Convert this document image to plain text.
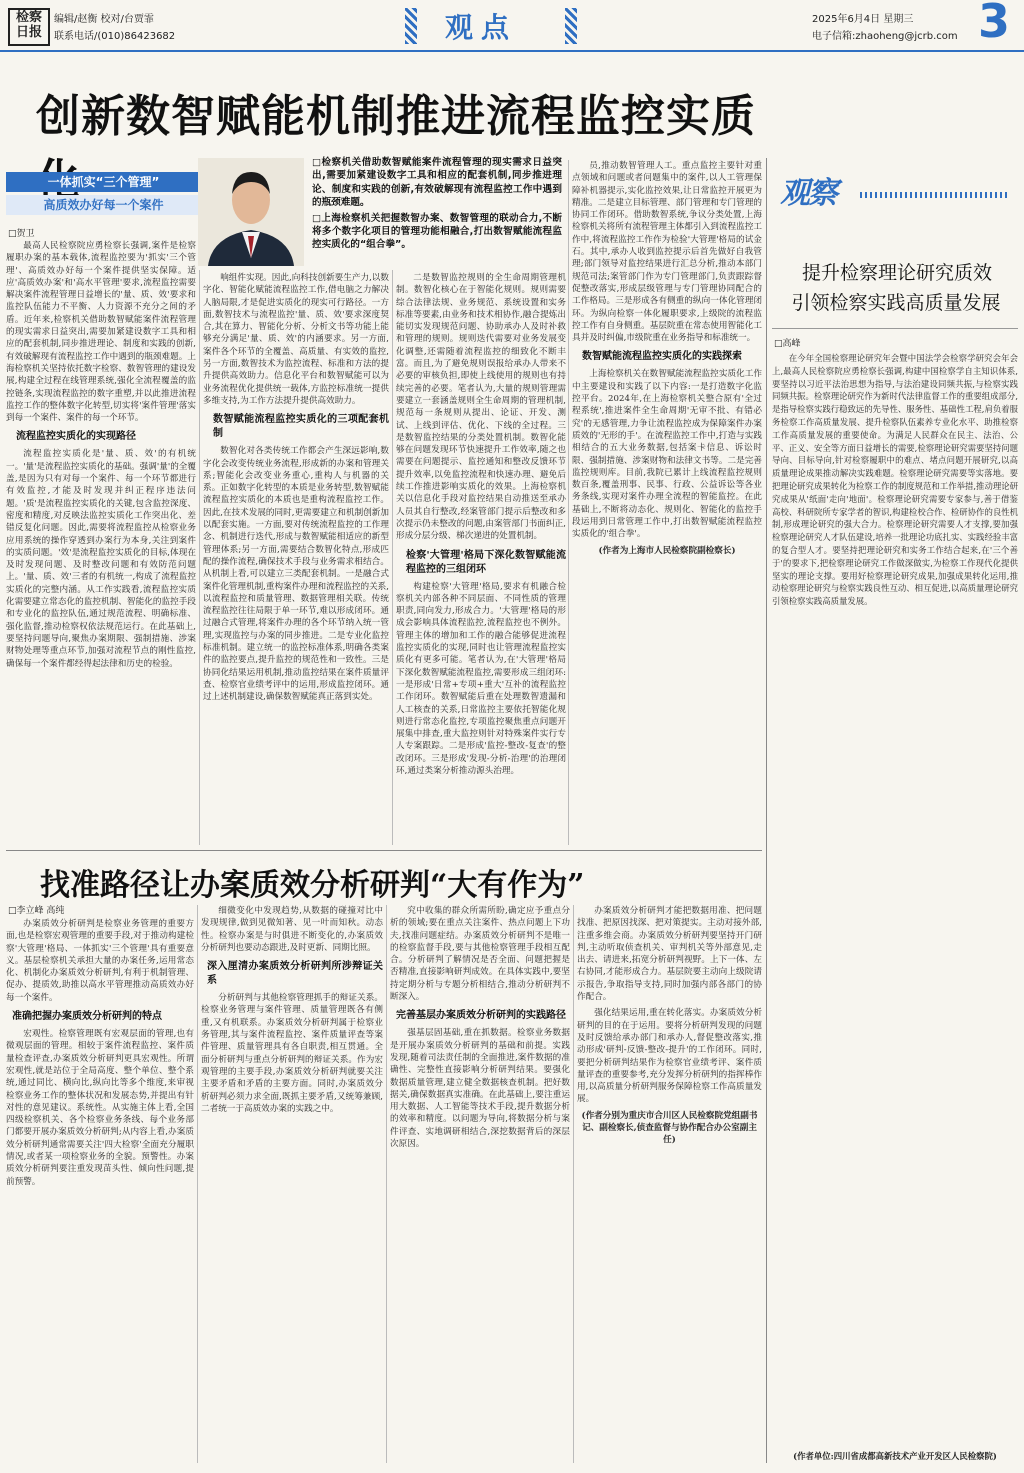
检察日报
编辑/赵衡 校对/台贾霏
联系电话/(010)86423682	观点	2025年6月4日 星期三
电子信箱:zhaoheng@jcrb.com 3
创新数智赋能机制推进流程监控实质
一体抓实“三个管理”
高质效办好每一个案件
□检察机关借助数智赋能案件流程管理的现实需求日益突出,需要加紧建设数字工具和相应的配套机制,同步推进理论、制度和实践的创新,有效破解现有流程监控工作中遇到的瓶颈难题。
□上海检察机关把握数智办案、数智管理的联动合力,不断将多个数字化项目的管理功能相融合,打出数智赋能流程监控实质化的“组合拳”。
□贺卫

最高人民检察院应勇检察长强调,案件是检察履职办案的基本载体,流程监控要为'抓实'三个管理'、高质效办好每一个案件提供坚实保障。适应'高质效办案'和'高水平管理'要求,流程监控需要解决案件流程管理日益增长的'量、质、效'要求和监控队伍能力不平衡、人力资源不充分之间的矛盾。近年来,检察机关借助数智赋能案件流程管理的现实需求日益突出,需要加紧建设数字工具和相应的配套机制,同步推进理论、制度和实践的创新,有效破解现有流程监控工作中遇到的瓶颈难题。上海检察机关坚持依托数字检察、数智管理的建设发展,构建全过程在线管理系统,强化全流程覆盖的监控链条,实现流程监控的数字重塑,并以此推进流程监控工作的整体数字化转型,切实将'案件管理'落实到每一个案件、案件的每一个环节。

流程监控实质化的实现路径

流程监控实质化是'量、质、效'的有机统一。'量'是流程监控实质化的基础。强调'量'的全覆盖,是因为只有对每一个案件、每一个环节都进行有效监控,才能及时发现并纠正程序违法问题。'质'是流程监控实质化的关键,包含监控深度、密度和精度,对反映法监控实质化工作突出化、差错反复化问题。因此,需要将流程监控从检察业务应用系统的操作穿透到办案行为本身,关注到案件的实质问题。'效'是流程监控实质化的目标,体现在及时发现问题、及时整改问题和有效防范问题上。'量、质、效'三者的有机统一,构成了流程监控实质化的完整内涵。从工作实践看,流程监控实质化需要建立常态化的监控机制、智能化的监控手段和专业化的监控队伍,通过规范流程、明确标准、强化监督,推动检察权依法规范运行。在此基础上,要坚持问题导向,聚焦办案期限、强制措施、涉案财物处理等重点环节,加强对流程节点的刚性监控,确保每一个案件都经得起法律和历史的检验。

响组件实现。因此,向科技创新要生产力,以数字化、智能化赋能流程监控工作,借电脑之力解决人脑局限,才是促进实质化的现实可行路径。一方面,数智技术与流程监控'量、质、效'要求深度契合,其在算力、智能化分析、分析文书等功能上能够充分满足'量、质、效'的内涵要求。另一方面,案件各个环节的全覆盖、高质量、有实效的监控,另一方面,数智技术为监控流程、标准和方法的提升提供高效助力。信息化平台和数智赋能可以为业务流程优化提供统一载体,方监控标准统一提供多维支持,为工作方法提升提供高效助力。

数智赋能流程监控实质化的三项配套机制

数智化对各类传统工作都会产生深远影响,数字化会改变传统业务流程,形成新的办案和管理关系;智能化会改变业务重心,重构人与机器的关系。正如数字化转型的本质是业务转型,数智赋能流程监控实质化的本质也是重构流程监控工作。因此,在技术发展的同时,更需要建立和机制创新加以配套实施。一方面,要对传统流程监控的工作理念、机制进行迭代,形成与数智赋能相适应的新型管理体系;另一方面,需要结合数智化特点,形成匹配的操作流程,确保技术手段与业务需求相结合。从机制上看,可以建立三类配套机制。一是融合式案件化管理机制,重构案件办理和流程监控的关系,以流程监控和质量管理、数据管理相关联。传统流程监控往往局限于单一环节,难以形成闭环。通过融合式管理,将案件办理的各个环节纳入统一管理,实现监控与办案的同步推进。二是专业化监控标准机制。建立统一的监控标准体系,明确各类案件的监控要点,提升监控的规范性和一致性。三是协同化结果运用机制,推动监控结果在案件质量评查、检察官业绩考评中的运用,形成监控闭环。通过上述机制建设,确保数智赋能真正落到实处。

二是数智监控规则的全生命周期管理机制。数智化核心在于智能化规则。规则需要综合法律法规、业务规范、系统设置和实务标准等要素,由业务和技术相协作,融合提炼出能切实发现规范问题、协助承办人及时补救和管理的规则。规则迭代需要对业务发展变化调整,还需随着流程监控的细致化不断丰富。而且,为了避免规则误报给承办人带来不必要的审核负担,即使上线使用的规则也有持续完善的必要。笔者认为,大量的规则管理需要建立一套涵盖规则全生命周期的管理机制,规范每一条规则从提出、论证、开发、测试、上线到评估、优化、下线的全过程。三是数智监控结果的分类处置机制。数智化能够在问题发现环节快速提升工作效率,随之也需要在问题提示、监控通知和整改反馈环节提升效率,以免监控流程和快速办理、避免后续工作推进影响实质化的效果。上海检察机关以信息化手段对监控结果自动推送至承办人员其自行整改,经案管部门提示后整改和多次提示仍未整改的问题,由案管部门书面纠正,形成分层分级、梯次递进的处置机制。

检察'大管理'格局下深化数智赋能流程监控的三组闭环

构建检察'大管理'格局,要求有机融合检察机关内部各种不同层面、不同性质的管理职责,同向发力,形成合力。'大管理'格局的形成会影响具体流程监控,流程监控也不例外。管理主体的增加和工作的融合能够促进流程监控实质化的实现,同时也让管理流程监控实质化有更多可能。笔者认为,在'大管理'格局下深化数智赋能流程监控,需要形成三组闭环:一是形成'日常+专项+重大'互补的流程监控工作闭环。数智赋能后重在处理数智遗漏和人工核查的关系,日常监控主要依托智能化规则进行常态化监控,专项监控聚焦重点问题开展集中排查,重大监控则针对特殊案件实行专人专案跟踪。二是形成'监控-整改-复查'的整改闭环。三是形成'发现-分析-治理'的治理闭环,通过类案分析推动源头治理。

员,推动数智管理人工。重点监控主要针对重点领域和问题或者问题集中的案件,以人工管理保障补机器提示,实化监控效果,让日常监控开展更为精准。二是建立目标管理、部门管理和专门管理的协同工作闭环。借助数智系统,争议分类处置,上海检察机关将所有流程管理主体都引入到流程监控工作中,将流程监控工作作为检验'大管理'格局的试金石。其中,承办人收到监控提示后首先做好自我管理;部门领导对监控结果进行汇总分析,推动本部门规范司法;案管部门作为专门管理部门,负责跟踪督促整改落实,形成层级管理与专门管理协同配合的工作格局。三是形成各有侧重的纵向一体化管理闭环。为纵向检察一体化履职要求,上级院的流程监控工作有自身侧重。基层院重在常态使用智能化工具并及时纠偏,市级院重在业务指导和标准统一。

数智赋能流程监控实质化的实践探索

上海检察机关在数智赋能流程监控实质化工作中主要建设和实践了以下内容:一是打造数字化监控平台。2024年,在上海检察机关整合原有'全过程系统',推进案件全生命周期'无审不批、有错必究'的无感管理,力争让流程监控成为保障案件办案质效的'无形的手'。在流程监控工作中,打造与实践相结合的五大业务数据,包括案卡信息、诉讼时限、强制措施、涉案财物和法律文书等。二是完善监控规则库。目前,我院已累计上线流程监控规则数百条,覆盖刑事、民事、行政、公益诉讼等各业务条线,实现对案件办理全流程的智能监控。在此基础上,不断将动态化、规则化、智能化的监控手段运用到日常管理工作中,打出数智赋能流程监控实质化的'组合拳'。

(作者为上海市人民检察院副检察长)
观察
提升检察理论研究质效
引领检察实践高质量发展
□高峰

在今年全国检察理论研究年会暨中国法学会检察学研究会年会上,最高人民检察院应勇检察长强调,构建中国检察学自主知识体系,要坚持以习近平法治思想为指导,与法治建设同频共振,与检察实践同频共振。检察理论研究作为新时代法律监督工作的重要组成部分,是指导检察实践行稳致远的先导性、服务性、基础性工程,肩负着服务检察工作高质量发展、提升检察队伍素养专业化水平、助推检察工作高质量发展的重要使命。为满足人民群众在民主、法治、公平、正义、安全等方面日益增长的需要,检察理论研究需要坚持问题导向、目标导向,针对检察履职中的难点、堵点问题开展研究,以高质量理论成果推动解决实践难题。检察理论研究需要等实落地。要把理论研究成果转化为检察工作的制度规范和工作举措,推动理论研究成果从'纸面'走向'地面'。检察理论研究需要专家参与,善于借鉴高校、科研院所专家学者的智识,构建检校合作、检研协作的良性机制,形成理论研究的强大合力。检察理论研究需要人才支撑,要加强检察理论研究人才队伍建设,培养一批理论功底扎实、实践经验丰富的复合型人才。要坚持把理论研究和实务工作结合起来,在'三个善于'的要求下,把检察理论研究工作做深做实,为检察工作现代化提供坚实的理论支撑。要用好检察理论研究成果,加强成果转化运用,推动检察理论研究与检察实践良性互动、相互促进,以高质量理论研究引领检察实践高质量发展。

(作者单位:四川省成都高新技术产业开发区人民检察院)
找准路径让办案质效分析研判“大有作为”
□李立峰 高纯

办案质效分析研判是检察业务管理的重要方面,也是检察宏观管理的重要手段,对于推动构建检察'大管理'格局、一体抓实'三个管理'具有重要意义。基层检察机关承担大量的办案任务,运用常态化、机制化办案质效分析研判,有利于机制管理、促办、提质效,助推以高水平管理推动高质效办好每一个案件。

准确把握办案质效分析研判的特点

宏观性。检察管理既有宏观层面的管理,也有微观层面的管理。相较于案件流程监控、案件质量检查评查,办案质效分析研判更具宏观性。所谓宏观性,就是站位于全局高度、整个单位、整个系统,通过同比、横向比,纵向比等多个维度,来审视检察业务工作的整体状况和发展态势,并提出有针对性的意见建议。系统性。从实施主体上看,全国四级检察机关、各个检察业务条线、每个业务部门都要开展办案质效分析研判;从内容上看,办案质效分析研判通常需要关注'四大检察'全面充分履职情况,或者某一项检察业务的全貌。预警性。办案质效分析研判要注重发现苗头性、倾向性问题,提前预警。

细微变化中发现趋势,从数据的碰撞对比中发现规律,做到见微知著、见一叶而知秋。动态性。检察办案是与时俱进不断变化的,办案质效分析研判也要动态跟进,及时更新、同期比照。

深入厘清办案质效分析研判所涉辩证关系

分析研判与其他检察管理抓手的辩证关系。检察业务管理与案件管理、质量管理既各有侧重,又有机联系。办案质效分析研判属于检察业务管理,其与案件流程监控、案件质量评查等案件管理、质量管理具有各自职责,相互贯通。全面分析研判与重点分析研判的辩证关系。作为宏观管理的主要手段,办案质效分析研判就要关注主要矛盾和矛盾的主要方面。同时,办案质效分析研判必须力求全面,既抓主要矛盾,又统筹兼顾,二者统一于高质效办案的实践之中。

究中收集的群众所需所盼,确定应予重点分析的领域;要在重点关注案件、热点问题上下功夫,找准问题症结。办案质效分析研判不是唯一的检察监督手段,要与其他检察管理手段相互配合。分析研判了解情况是否全面、问题把握是否精准,直接影响研判成效。在具体实践中,要坚持定期分析与专题分析相结合,推动分析研判不断深入。

完善基层办案质效分析研判的实践路径

强基层固基础,重在抓数据。检察业务数据是开展办案质效分析研判的基础和前提。实践发现,随着司法责任制的全面推进,案件数据的准确性、完整性直接影响分析研判结果。要强化数据质量管理,建立健全数据核查机制。把好数据关,确保数据真实准确。在此基础上,要注重运用大数据、人工智能等技术手段,提升数据分析的效率和精度。以问题为导向,将数据分析与案件评查、实地调研相结合,深挖数据背后的深层次原因。

办案质效分析研判才能把数据用准、把问题找准、把原因找深、把对策提实。主动对接外部,注重多维会商。办案质效分析研判要坚持开门研判,主动听取侦查机关、审判机关等外部意见,走出去、请进来,拓宽分析研判视野。上下一体、左右协同,才能形成合力。基层院要主动向上级院请示报告,争取指导支持,同时加强内部各部门的协作配合。

强化结果运用,重在转化落实。办案质效分析研判的目的在于运用。要将分析研判发现的问题及时反馈给承办部门和承办人,督促整改落实,推动形成'研判-反馈-整改-提升'的工作闭环。同时,要把分析研判结果作为检察官业绩考评、案件质量评查的重要参考,充分发挥分析研判的指挥棒作用,以高质量分析研判服务保障检察工作高质量发展。

(作者分别为重庆市合川区人民检察院党组副书记、副检察长,侦查监督与协作配合办公室副主任)
